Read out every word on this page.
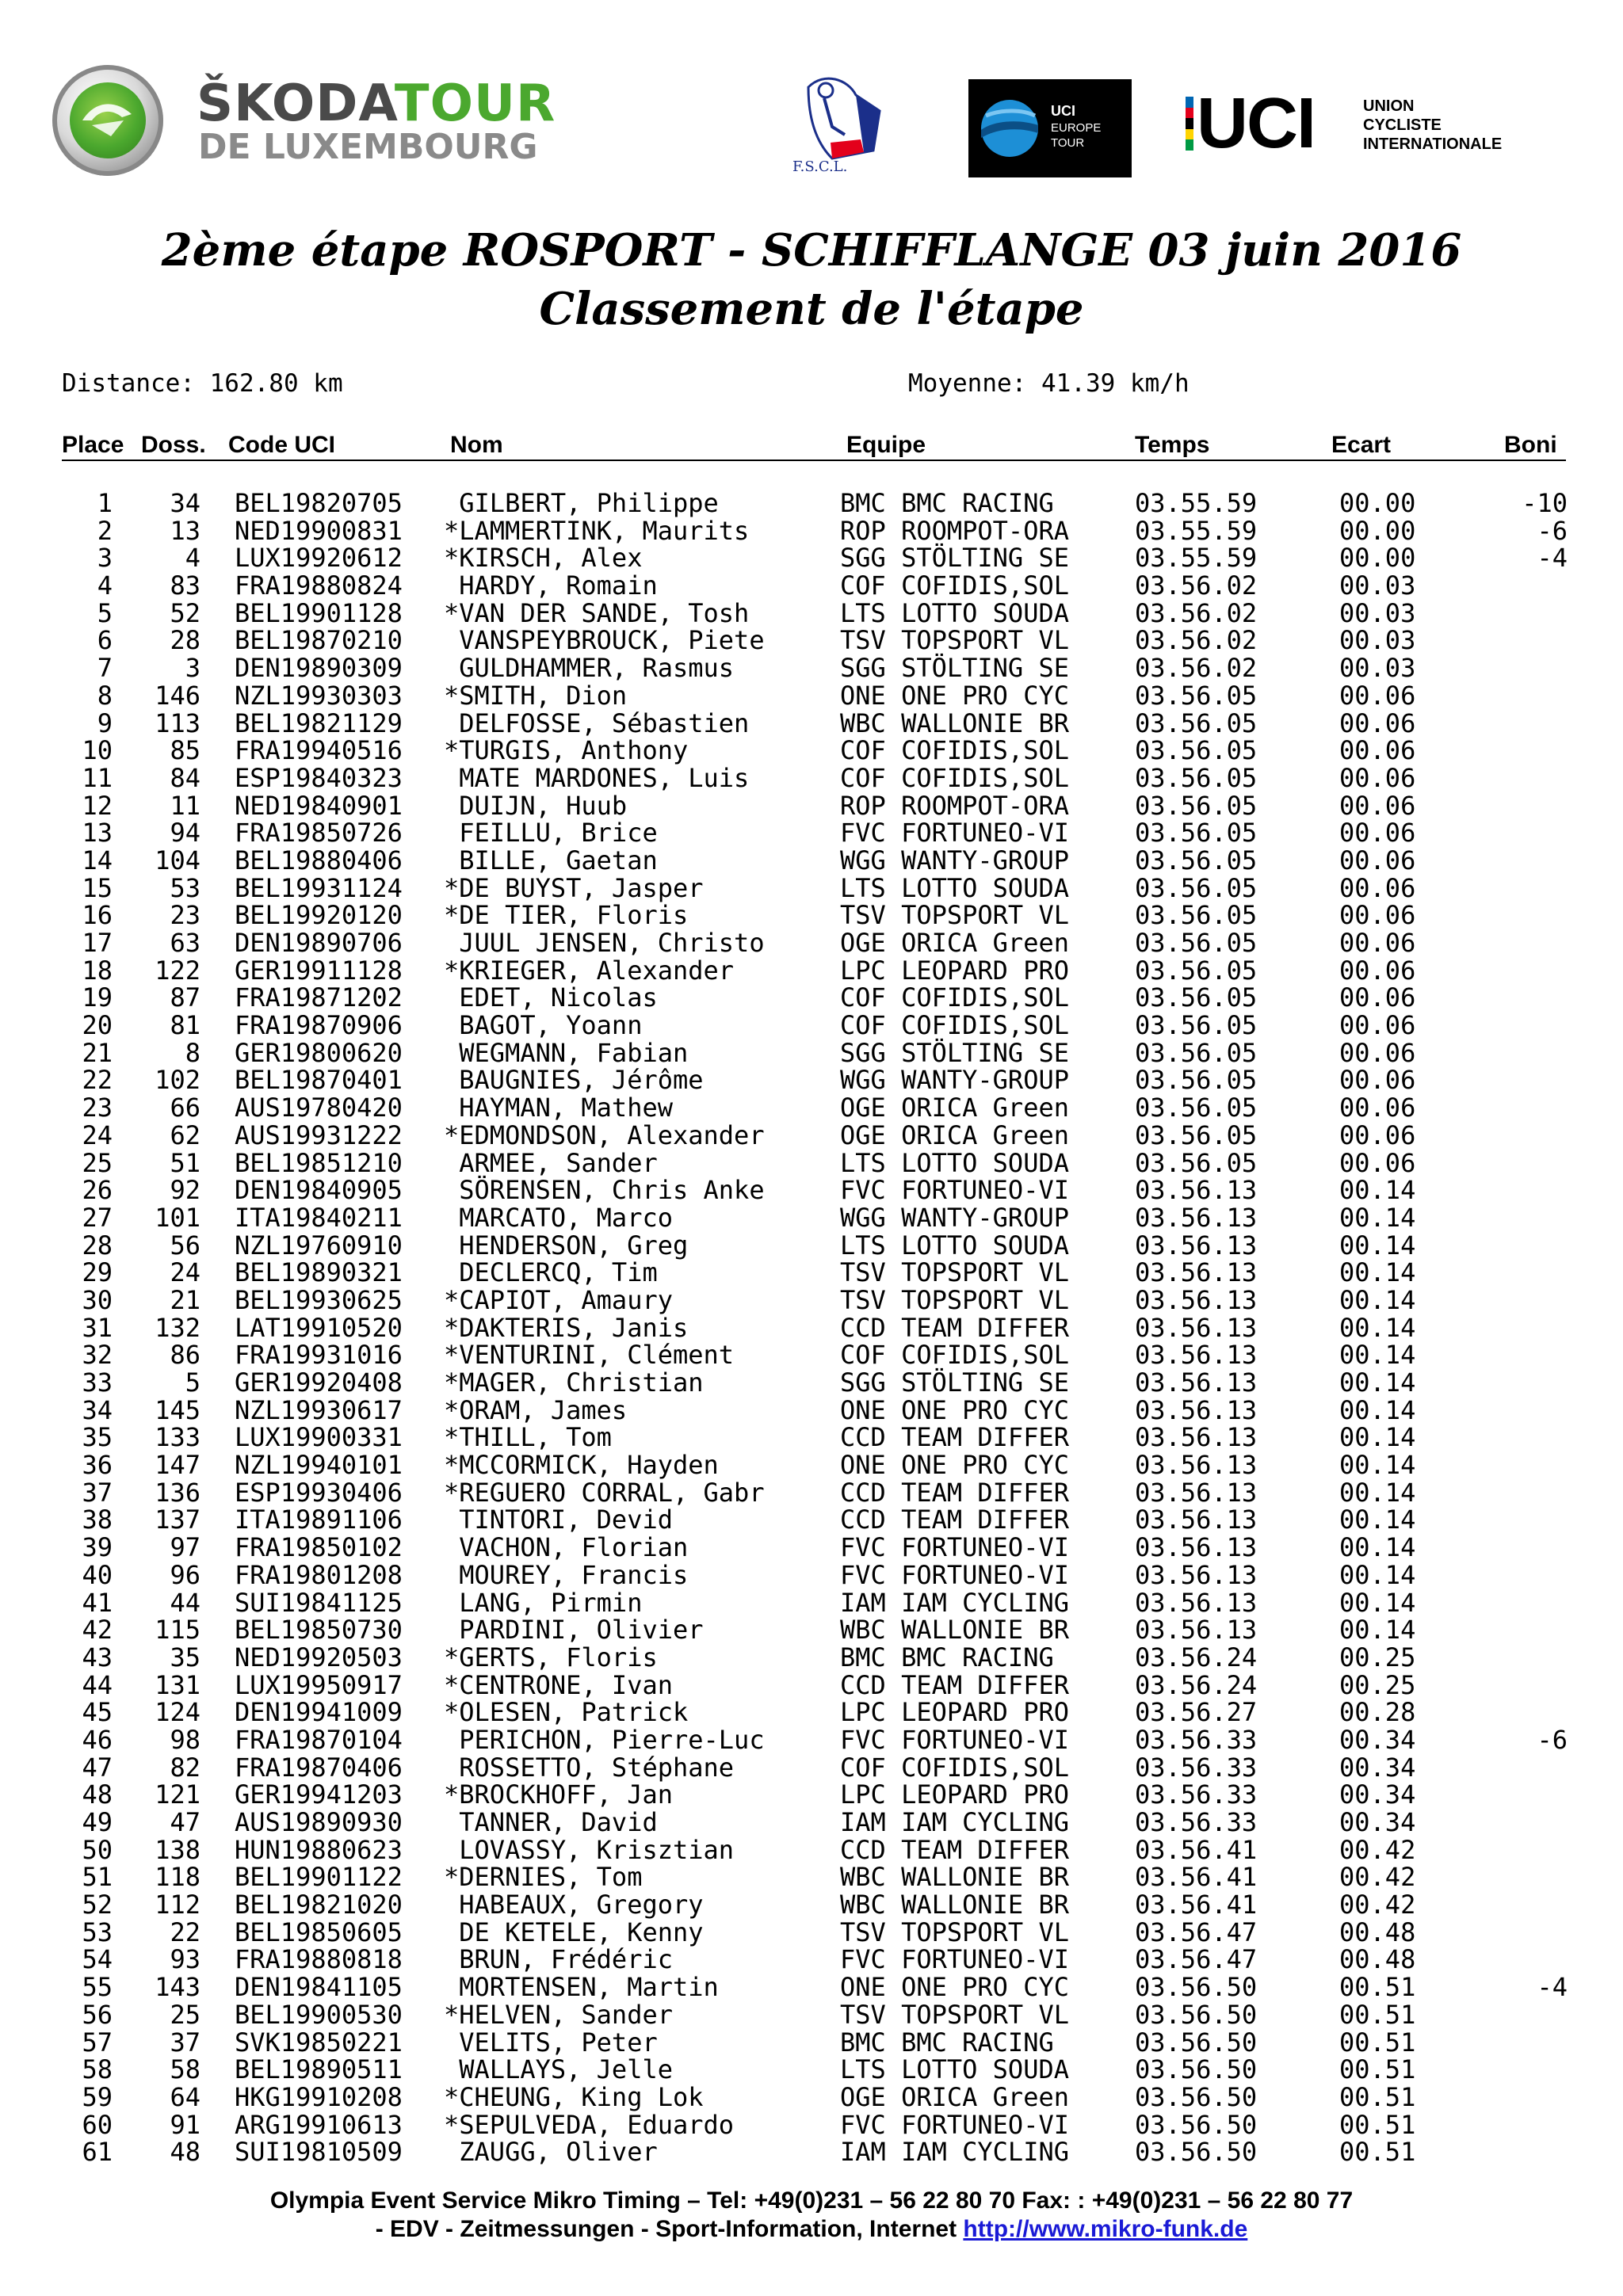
ŠKODATOUR
DE LUXEMBOURG	F.S.C.L.
UCI
EUROPE
TOUR UCI	UNION
CYCLISTE
INTERNATIONALE
2ème étape ROSPORT - SCHIFFLANGE 03 juin 2016
Classement de l'étape
Distance: 162.80 km	Moyenne: 41.39 km/h
Place Doss. Code UCI	Nom	Equipe	Temps	Ecart	Boni
1	34 BEL19820705 GILBERT, Philippe	BMC BMC RACING	03.55.59	00.00	-10
2	13 NED19900831 *LAMMERTINK, Maurits	ROP ROOMPOT-ORA	03.55.59	00.00	-6
3	4 LUX19920612 *KIRSCH, Alex	SGG STÖLTING SE	03.55.59	00.00	-4
4	83 FRA19880824 HARDY, Romain	COF COFIDIS,SOL	03.56.02	00.03
5	52 BEL19901128 *VAN DER SANDE, Tosh	LTS LOTTO SOUDA	03.56.02	00.03
6	28 BEL19870210 VANSPEYBROUCK, Piete	TSV TOPSPORT VL	03.56.02	00.03
7	3 DEN19890309 GULDHAMMER, Rasmus	SGG STÖLTING SE	03.56.02	00.03
8	146 NZL19930303 *SMITH, Dion	ONE ONE PRO CYC	03.56.05	00.06
9	113 BEL19821129 DELFOSSE, Sébastien	WBC WALLONIE BR	03.56.05	00.06
10	85 FRA19940516 *TURGIS, Anthony	COF COFIDIS,SOL	03.56.05	00.06
11	84 ESP19840323 MATE MARDONES, Luis	COF COFIDIS,SOL	03.56.05	00.06
12	11 NED19840901 DUIJN, Huub	ROP ROOMPOT-ORA	03.56.05	00.06
13	94 FRA19850726 FEILLU, Brice	FVC FORTUNEO-VI	03.56.05	00.06
14	104 BEL19880406 BILLE, Gaetan	WGG WANTY-GROUP	03.56.05	00.06
15	53 BEL19931124 *DE BUYST, Jasper	LTS LOTTO SOUDA	03.56.05	00.06
16	23 BEL19920120 *DE TIER, Floris	TSV TOPSPORT VL	03.56.05	00.06
17	63 DEN19890706 JUUL JENSEN, Christo	OGE ORICA Green	03.56.05	00.06
18	122 GER19911128 *KRIEGER, Alexander	LPC LEOPARD PRO	03.56.05	00.06
19	87 FRA19871202 EDET, Nicolas	COF COFIDIS,SOL	03.56.05	00.06
20	81 FRA19870906 BAGOT, Yoann	COF COFIDIS,SOL	03.56.05	00.06
21	8 GER19800620 WEGMANN, Fabian	SGG STÖLTING SE	03.56.05	00.06
22	102 BEL19870401 BAUGNIES, Jérôme	WGG WANTY-GROUP	03.56.05	00.06
23	66 AUS19780420 HAYMAN, Mathew	OGE ORICA Green	03.56.05	00.06
24	62 AUS19931222 *EDMONDSON, Alexander	OGE ORICA Green	03.56.05	00.06
25	51 BEL19851210 ARMEE, Sander	LTS LOTTO SOUDA	03.56.05	00.06
26	92 DEN19840905 SÖRENSEN, Chris Anke	FVC FORTUNEO-VI	03.56.13	00.14
27	101 ITA19840211 MARCATO, Marco	WGG WANTY-GROUP	03.56.13	00.14
28	56 NZL19760910 HENDERSON, Greg	LTS LOTTO SOUDA	03.56.13	00.14
29	24 BEL19890321 DECLERCQ, Tim	TSV TOPSPORT VL	03.56.13	00.14
30	21 BEL19930625 *CAPIOT, Amaury	TSV TOPSPORT VL	03.56.13	00.14
31	132 LAT19910520 *DAKTERIS, Janis	CCD TEAM DIFFER	03.56.13	00.14
32	86 FRA19931016 *VENTURINI, Clément	COF COFIDIS,SOL	03.56.13	00.14
33	5 GER19920408 *MAGER, Christian	SGG STÖLTING SE	03.56.13	00.14
34	145 NZL19930617 *ORAM, James	ONE ONE PRO CYC	03.56.13	00.14
35	133 LUX19900331 *THILL, Tom	CCD TEAM DIFFER	03.56.13	00.14
36	147 NZL19940101 *MCCORMICK, Hayden	ONE ONE PRO CYC	03.56.13	00.14
37	136 ESP19930406 *REGUERO CORRAL, Gabr	CCD TEAM DIFFER	03.56.13	00.14
38	137 ITA19891106 TINTORI, Devid	CCD TEAM DIFFER	03.56.13	00.14
39	97 FRA19850102 VACHON, Florian	FVC FORTUNEO-VI	03.56.13	00.14
40	96 FRA19801208 MOUREY, Francis	FVC FORTUNEO-VI	03.56.13	00.14
41	44 SUI19841125 LANG, Pirmin	IAM IAM CYCLING	03.56.13	00.14
42	115 BEL19850730 PARDINI, Olivier	WBC WALLONIE BR	03.56.13	00.14
43	35 NED19920503 *GERTS, Floris	BMC BMC RACING	03.56.24	00.25
44	131 LUX19950917 *CENTRONE, Ivan	CCD TEAM DIFFER	03.56.24	00.25
45	124 DEN19941009 *OLESEN, Patrick	LPC LEOPARD PRO	03.56.27	00.28
46	98 FRA19870104 PERICHON, Pierre-Luc	FVC FORTUNEO-VI	03.56.33	00.34	-6
47	82 FRA19870406 ROSSETTO, Stéphane	COF COFIDIS,SOL	03.56.33	00.34
48	121 GER19941203 *BROCKHOFF, Jan	LPC LEOPARD PRO	03.56.33	00.34
49	47 AUS19890930 TANNER, David	IAM IAM CYCLING	03.56.33	00.34
50	138 HUN19880623 LOVASSY, Krisztian	CCD TEAM DIFFER	03.56.41	00.42
51	118 BEL19901122 *DERNIES, Tom	WBC WALLONIE BR	03.56.41	00.42
52	112 BEL19821020 HABEAUX, Gregory	WBC WALLONIE BR	03.56.41	00.42
53	22 BEL19850605 DE KETELE, Kenny	TSV TOPSPORT VL	03.56.47	00.48
54	93 FRA19880818 BRUN, Frédéric	FVC FORTUNEO-VI	03.56.47	00.48
55	143 DEN19841105 MORTENSEN, Martin	ONE ONE PRO CYC	03.56.50	00.51	-4
56	25 BEL19900530 *HELVEN, Sander	TSV TOPSPORT VL	03.56.50	00.51
57	37 SVK19850221 VELITS, Peter	BMC BMC RACING	03.56.50	00.51
58	58 BEL19890511 WALLAYS, Jelle	LTS LOTTO SOUDA	03.56.50	00.51
59	64 HKG19910208 *CHEUNG, King Lok	OGE ORICA Green	03.56.50	00.51
60	91 ARG19910613 *SEPULVEDA, Eduardo	FVC FORTUNEO-VI	03.56.50	00.51
61	48 SUI19810509 ZAUGG, Oliver	IAM IAM CYCLING	03.56.50	00.51
Olympia Event Service Mikro Timing – Tel: +49(0)231 – 56 22 80 70 Fax: : +49(0)231 – 56 22 80 77
- EDV - Zeitmessungen - Sport-Information, Internet http://www.mikro-funk.de
